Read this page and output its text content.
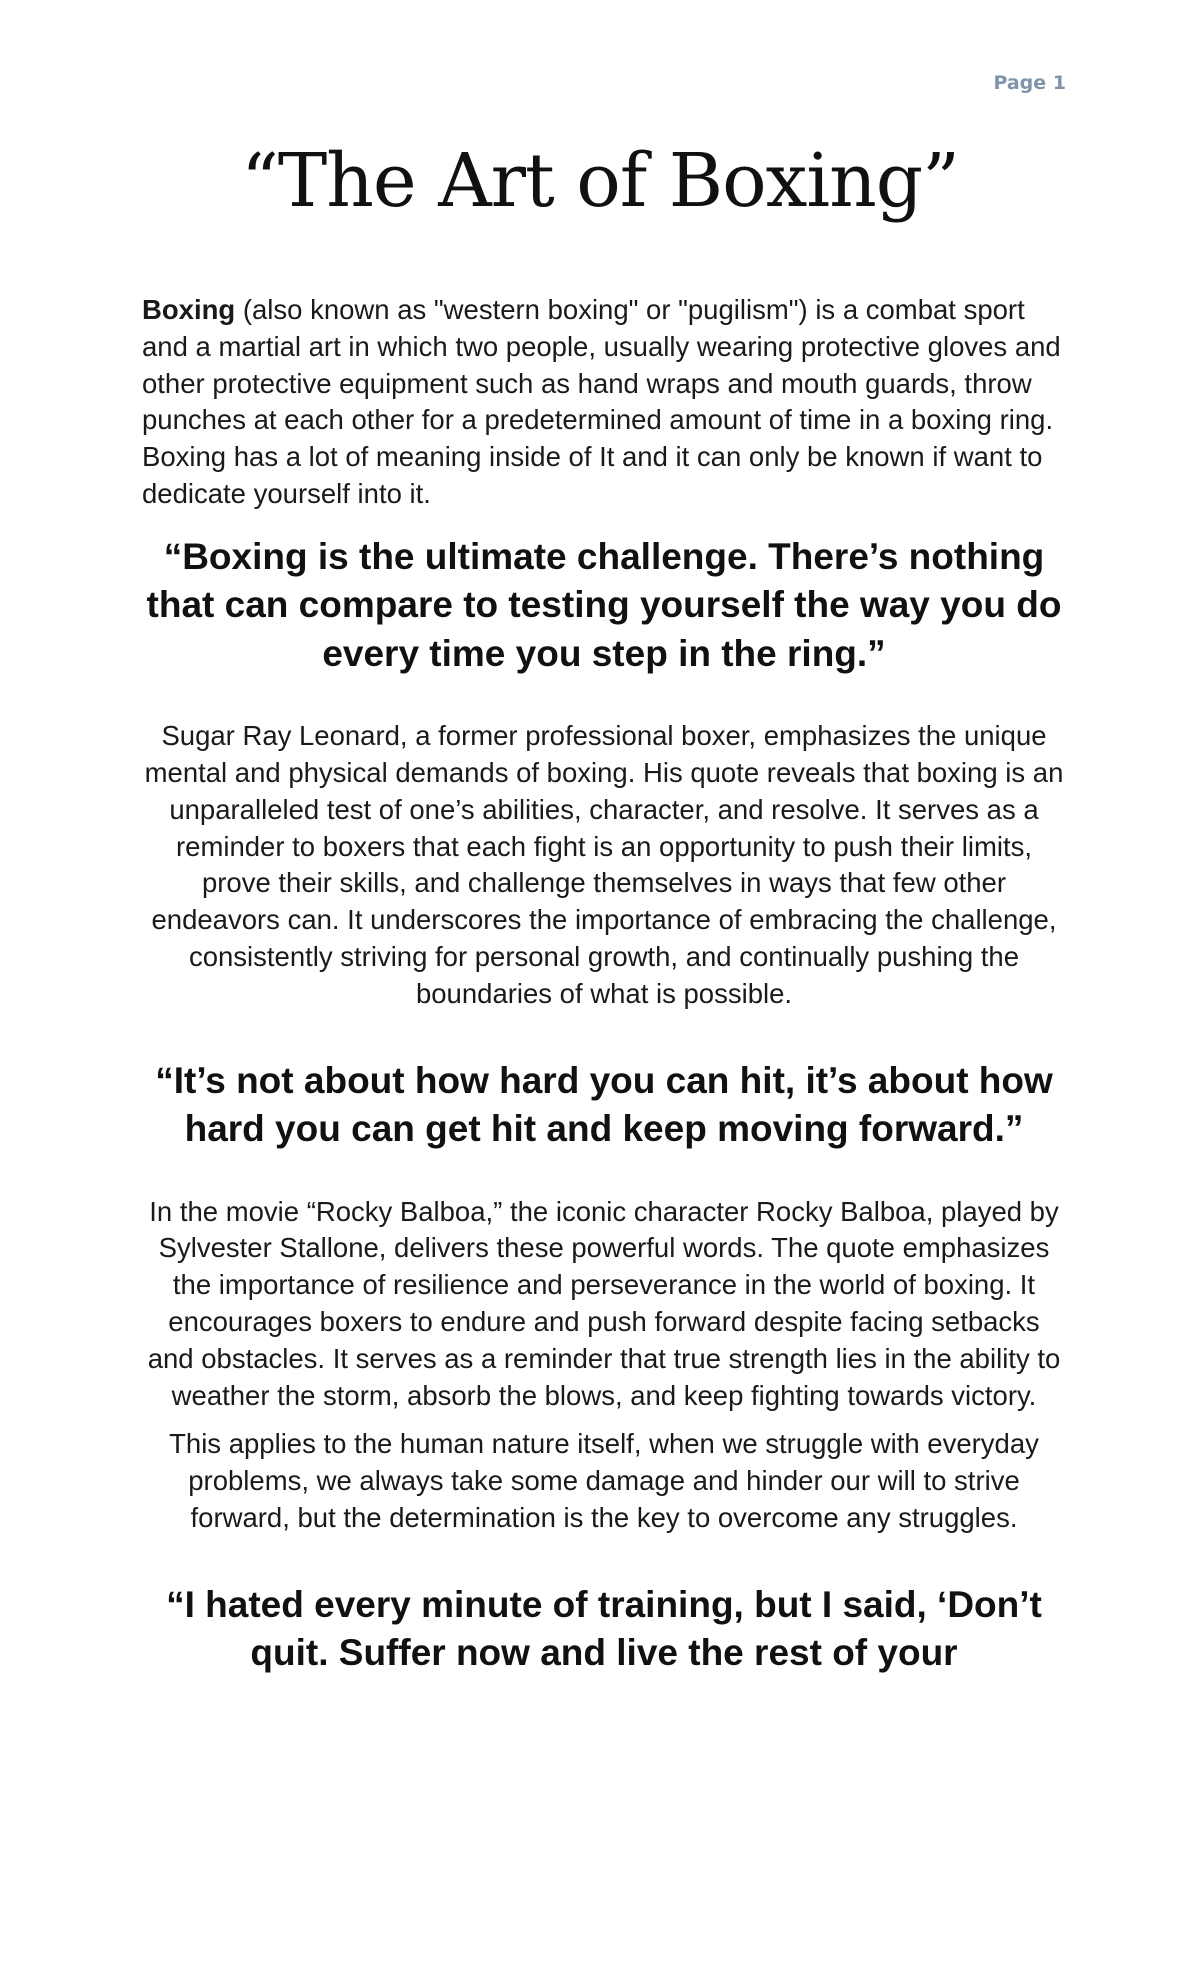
Page 1
“The Art of Boxing”

Boxing (also known as "western boxing" or "pugilism") is a combat sport and a martial art in which two people, usually wearing protective gloves and other protective equipment such as hand wraps and mouth guards, throw punches at each other for a predetermined amount of time in a boxing ring. Boxing has a lot of meaning inside of It and it can only be known if want to dedicate yourself into it.

“Boxing is the ultimate challenge. There’s nothing that can compare to testing yourself the way you do every time you step in the ring.”

Sugar Ray Leonard, a former professional boxer, emphasizes the unique mental and physical demands of boxing. His quote reveals that boxing is an unparalleled test of one’s abilities, character, and resolve. It serves as a reminder to boxers that each fight is an opportunity to push their limits, prove their skills, and challenge themselves in ways that few other endeavors can. It underscores the importance of embracing the challenge, consistently striving for personal growth, and continually pushing the boundaries of what is possible.

“It’s not about how hard you can hit, it’s about how hard you can get hit and keep moving forward.”

In the movie “Rocky Balboa,” the iconic character Rocky Balboa, played by Sylvester Stallone, delivers these powerful words. The quote emphasizes the importance of resilience and perseverance in the world of boxing. It encourages boxers to endure and push forward despite facing setbacks and obstacles. It serves as a reminder that true strength lies in the ability to weather the storm, absorb the blows, and keep fighting towards victory.

This applies to the human nature itself, when we struggle with everyday problems, we always take some damage and hinder our will to strive forward, but the determination is the key to overcome any struggles.

“I hated every minute of training, but I said, ‘Don’t quit. Suffer now and live the rest of your
